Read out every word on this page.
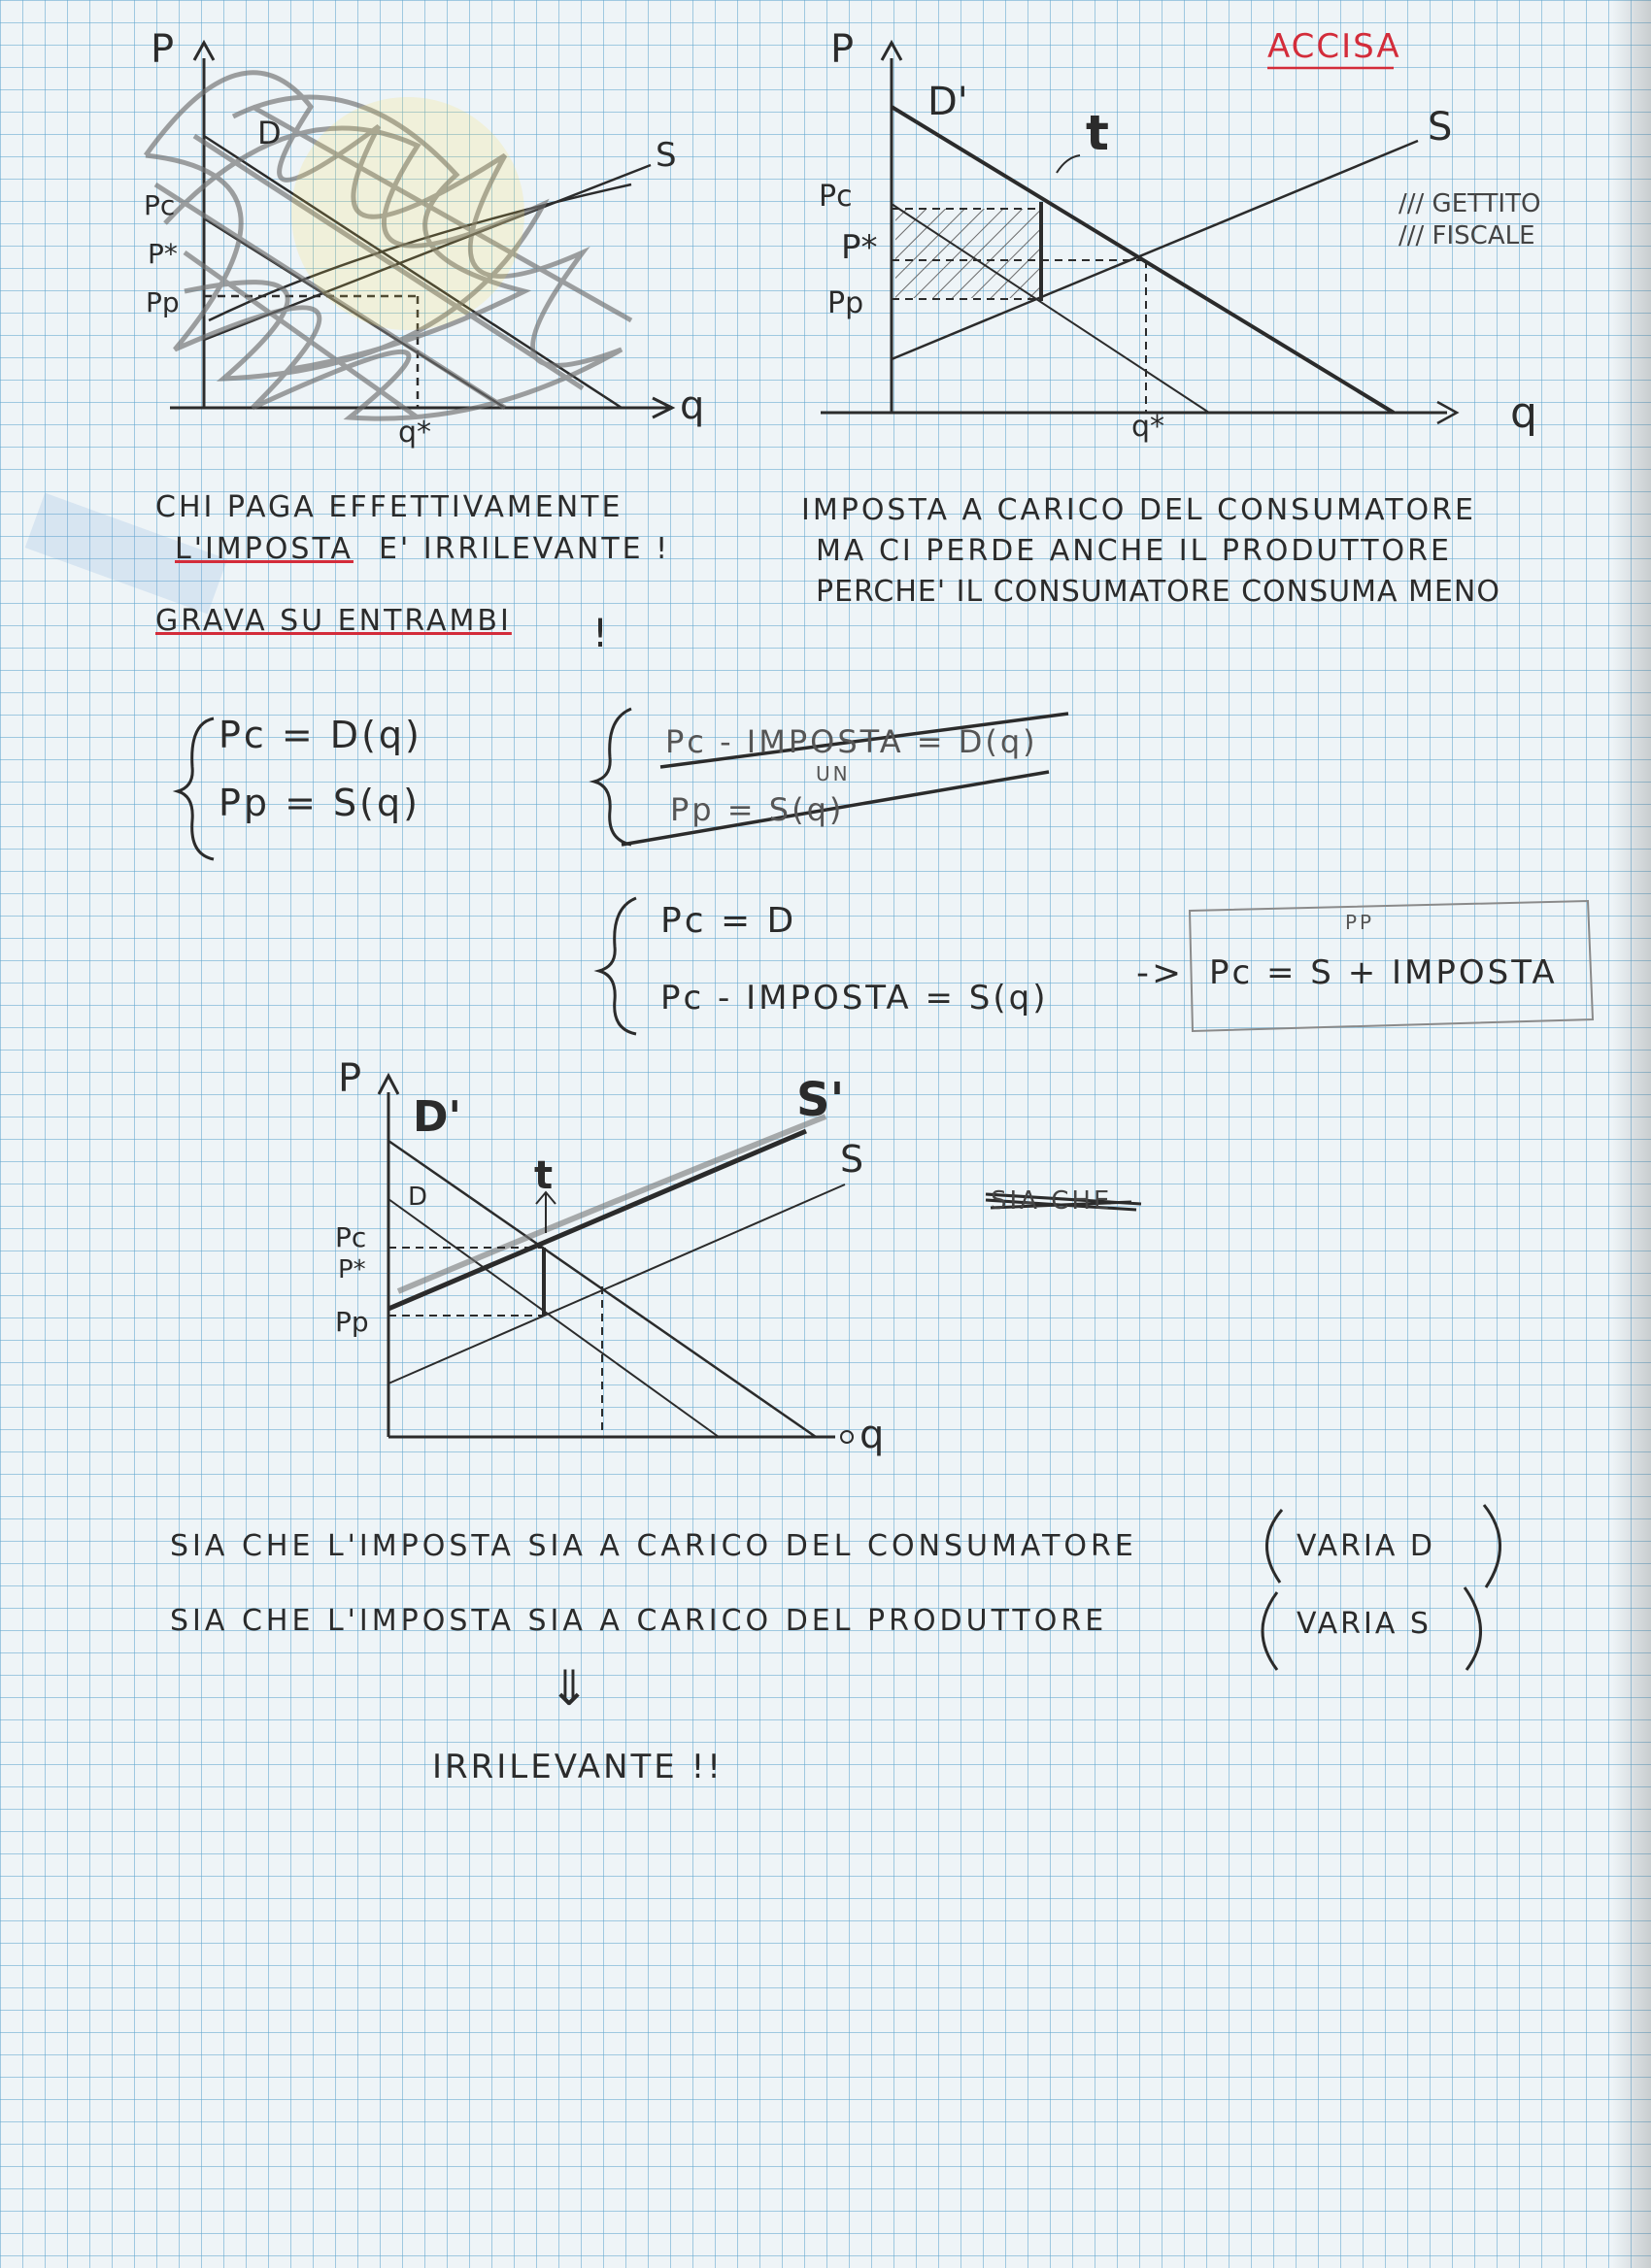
P
q
D
S
Pc
P*
Pp
q*
P
q
ACCISA
D'
S
t
Pc
P*
Pp
q*
/// GETTITO
/// FISCALE
CHI PAGA EFFETTIVAMENTE
L'IMPOSTA E' IRRILEVANTE !
GRAVA SU ENTRAMBI !
IMPOSTA A CARICO DEL CONSUMATORE
MA CI PERDE ANCHE IL PRODUTTORE
PERCHE' IL CONSUMATORE CONSUMA MENO
Pc = D(q)
Pp = S(q)
Pc - IMPOSTA = D(q)
UN
Pp = S(q)
Pc = D
Pc - IMPOSTA = S(q)
->
PP
Pc = S + IMPOSTA
P
q
D'
D
S'
S
t
Pc
P*
Pp
SIA CHE
SIA CHE L'IMPOSTA SIA A CARICO DEL CONSUMATORE	VARIA D
SIA CHE L'IMPOSTA SIA A CARICO DEL PRODUTTORE	VARIA S
⇓
IRRILEVANTE !!
